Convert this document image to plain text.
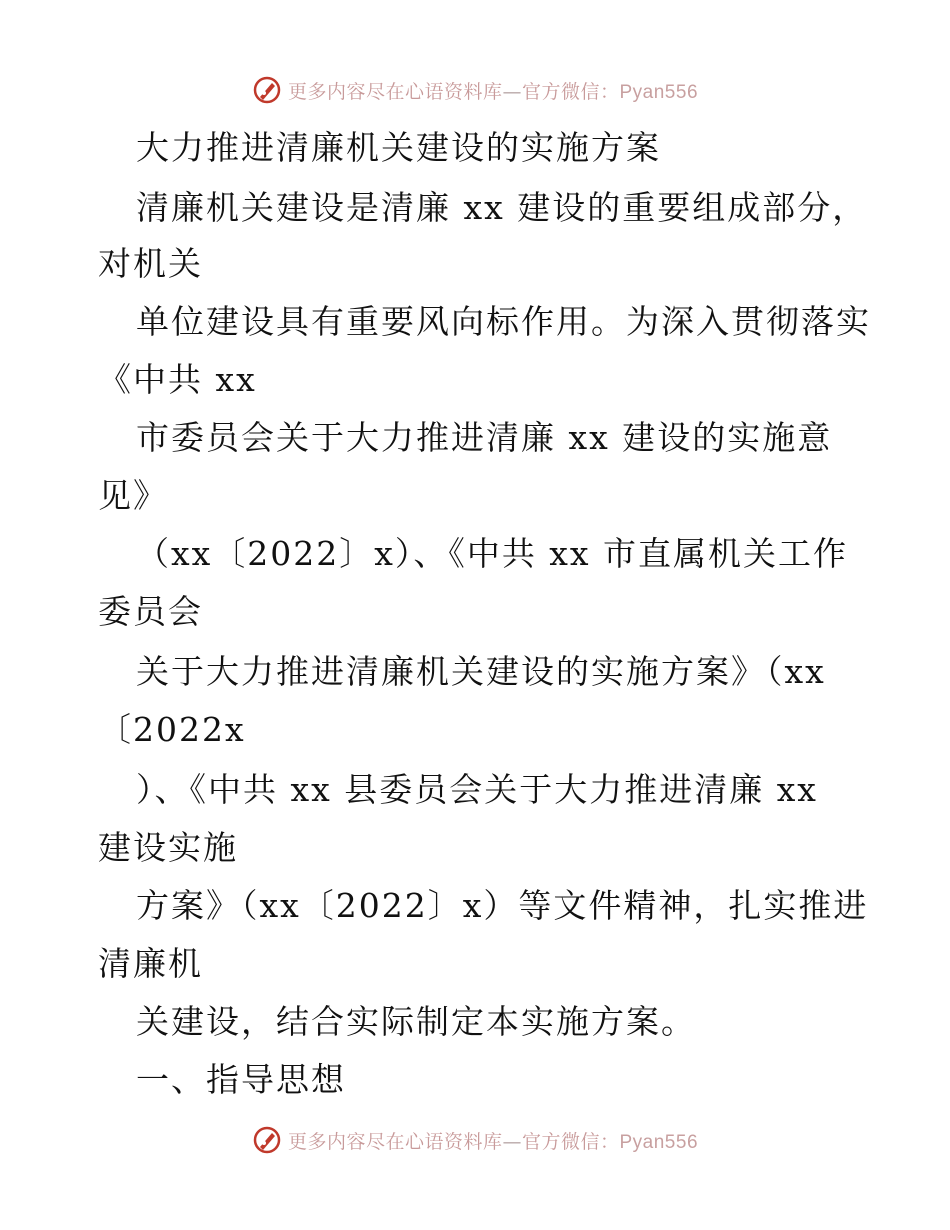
更多内容尽在心语资料库—官方微信：Pyan556
大力推进清廉机关建设的实施方案
清廉机关建设是清廉 xx 建设的重要组成部分，
对机关
单位建设具有重要风向标作用。为深入贯彻落实
《中共 xx
市委员会关于大力推进清廉 xx 建设的实施意
见》
（xx〔2022〕x）、《中共 xx 市直属机关工作
委员会
关于大力推进清廉机关建设的实施方案》（xx
〔2022x
）、《中共 xx 县委员会关于大力推进清廉 xx
建设实施
方案》（xx〔2022〕x）等文件精神，扎实推进
清廉机
关建设，结合实际制定本实施方案。
一、指导思想
更多内容尽在心语资料库—官方微信：Pyan556
